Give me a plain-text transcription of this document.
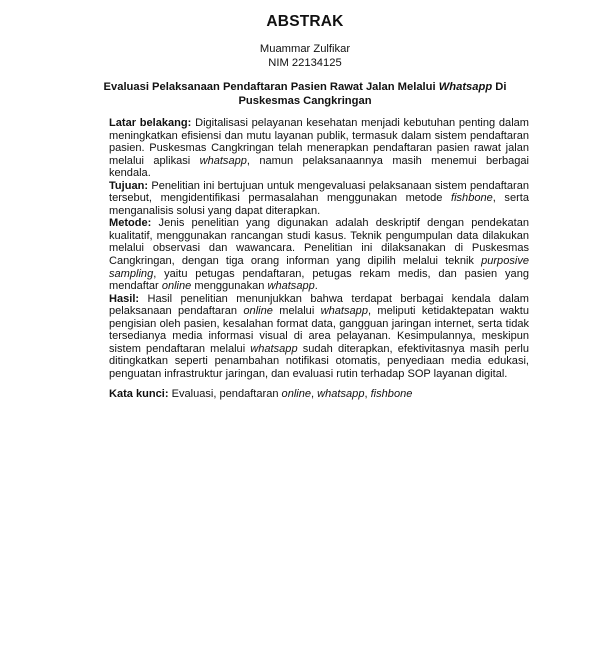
ABSTRAK
Muammar Zulfikar
NIM 22134125
Evaluasi Pelaksanaan Pendaftaran Pasien Rawat Jalan Melalui Whatsapp Di Puskesmas Cangkringan

Latar belakang: Digitalisasi pelayanan kesehatan menjadi kebutuhan penting dalam meningkatkan efisiensi dan mutu layanan publik, termasuk dalam sistem pendaftaran pasien. Puskesmas Cangkringan telah menerapkan pendaftaran pasien rawat jalan melalui aplikasi whatsapp, namun pelaksanaannya masih menemui berbagai kendala.

Tujuan: Penelitian ini bertujuan untuk mengevaluasi pelaksanaan sistem pendaftaran tersebut, mengidentifikasi permasalahan menggunakan metode fishbone, serta menganalisis solusi yang dapat diterapkan.

Metode: Jenis penelitian yang digunakan adalah deskriptif dengan pendekatan kualitatif, menggunakan rancangan studi kasus. Teknik pengumpulan data dilakukan melalui observasi dan wawancara. Penelitian ini dilaksanakan di Puskesmas Cangkringan, dengan tiga orang informan yang dipilih melalui teknik purposive sampling, yaitu petugas pendaftaran, petugas rekam medis, dan pasien yang mendaftar online menggunakan whatsapp.

Hasil: Hasil penelitian menunjukkan bahwa terdapat berbagai kendala dalam pelaksanaan pendaftaran online melalui whatsapp, meliputi ketidaktepatan waktu pengisian oleh pasien, kesalahan format data, gangguan jaringan internet, serta tidak tersedianya media informasi visual di area pelayanan. Kesimpulannya, meskipun sistem pendaftaran melalui whatsapp sudah diterapkan, efektivitasnya masih perlu ditingkatkan seperti penambahan notifikasi otomatis, penyediaan media edukasi, penguatan infrastruktur jaringan, dan evaluasi rutin terhadap SOP layanan digital.

Kata kunci: Evaluasi, pendaftaran online, whatsapp, fishbone
